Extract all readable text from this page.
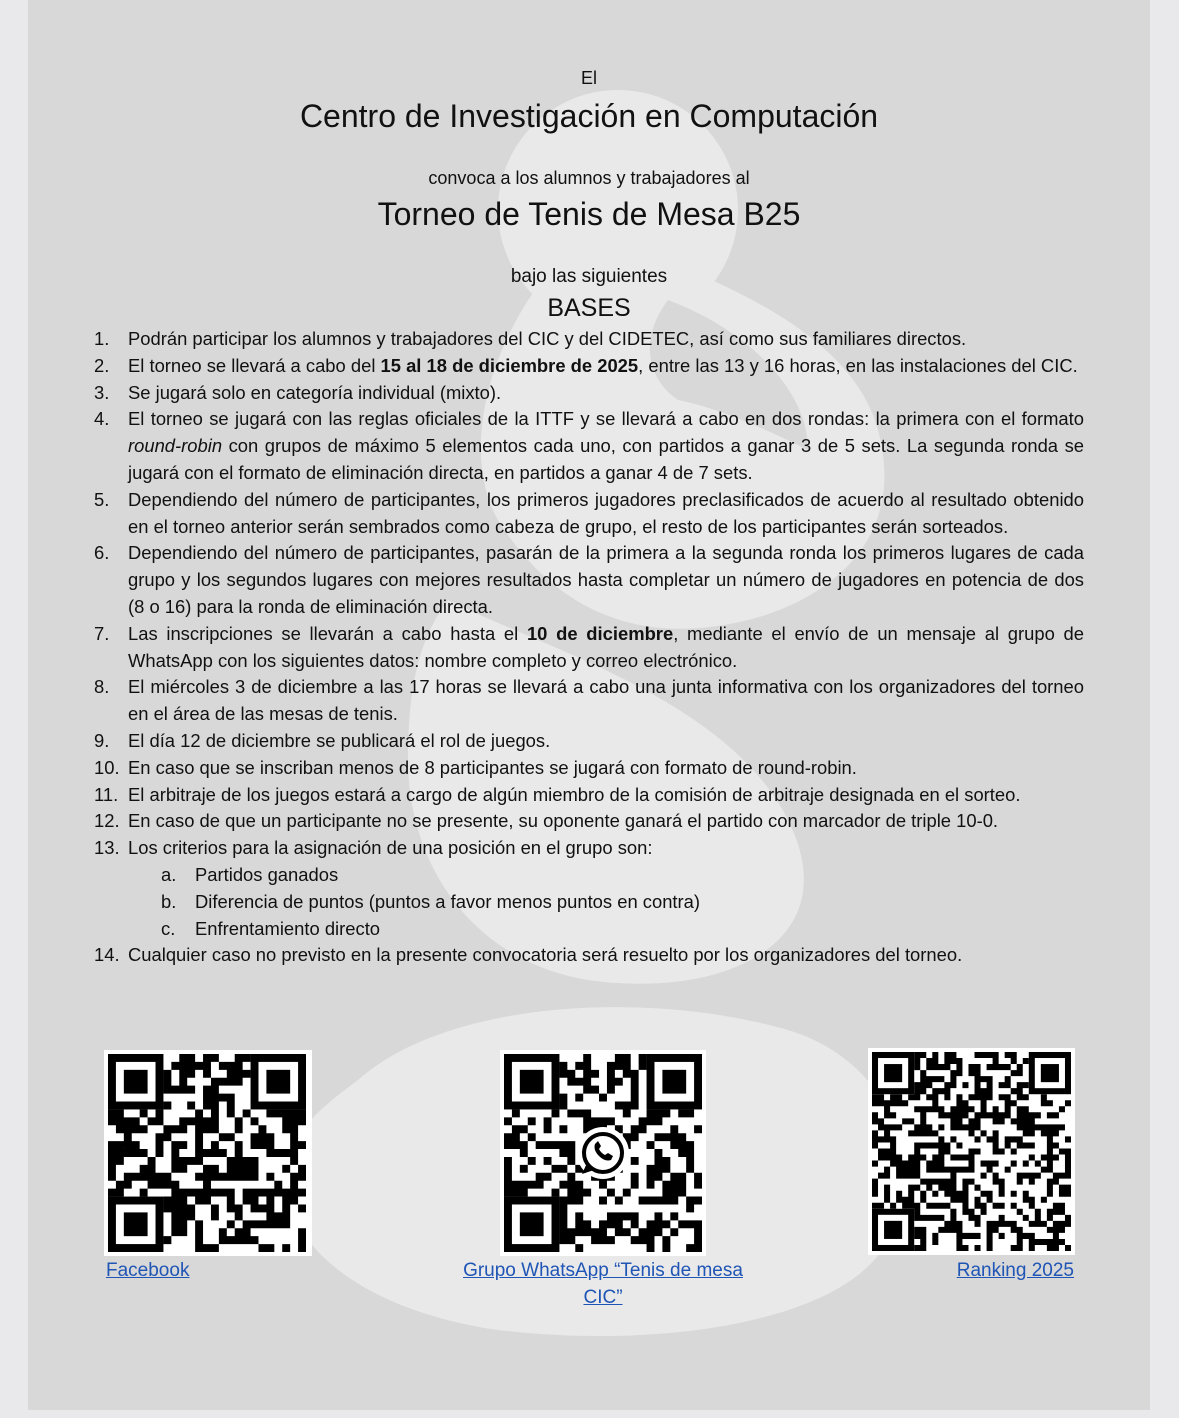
El
Centro de Investigación en Computación
convoca a los alumnos y trabajadores al
Torneo de Tenis de Mesa B25
bajo las siguientes
BASES
1. Podrán participar los alumnos y trabajadores del CIC y del CIDETEC, así como sus familiares directos.
2. El torneo se llevará a cabo del 15 al 18 de diciembre de 2025, entre las 13 y 16 horas, en las instalaciones del CIC.
3. Se jugará solo en categoría individual (mixto).
4. El torneo se jugará con las reglas oficiales de la ITTF y se llevará a cabo en dos rondas: la primera con el formato round-robin con grupos de máximo 5 elementos cada uno, con partidos a ganar 3 de 5 sets. La segunda ronda se jugará con el formato de eliminación directa, en partidos a ganar 4 de 7 sets.
5. Dependiendo del número de participantes, los primeros jugadores preclasificados de acuerdo al resultado obtenido en el torneo anterior serán sembrados como cabeza de grupo, el resto de los participantes serán sorteados.
6. Dependiendo del número de participantes, pasarán de la primera a la segunda ronda los primeros lugares de cada grupo y los segundos lugares con mejores resultados hasta completar un número de jugadores en potencia de dos (8 o 16) para la ronda de eliminación directa.
7. Las inscripciones se llevarán a cabo hasta el 10 de diciembre, mediante el envío de un mensaje al grupo de WhatsApp con los siguientes datos: nombre completo y correo electrónico.
8. El miércoles 3 de diciembre a las 17 horas se llevará a cabo una junta informativa con los organizadores del torneo en el área de las mesas de tenis.
9. El día 12 de diciembre se publicará el rol de juegos.
10. En caso que se inscriban menos de 8 participantes se jugará con formato de round-robin.
11. El arbitraje de los juegos estará a cargo de algún miembro de la comisión de arbitraje designada en el sorteo.
12. En caso de que un participante no se presente, su oponente ganará el partido con marcador de triple 10-0.
13. Los criterios para la asignación de una posición en el grupo son:
a. Partidos ganados
b. Diferencia de puntos (puntos a favor menos puntos en contra)
c. Enfrentamiento directo
14. Cualquier caso no previsto en la presente convocatoria será resuelto por los organizadores del torneo.
Facebook	Grupo WhatsApp “Tenis de mesa
CIC”
Ranking 2025
